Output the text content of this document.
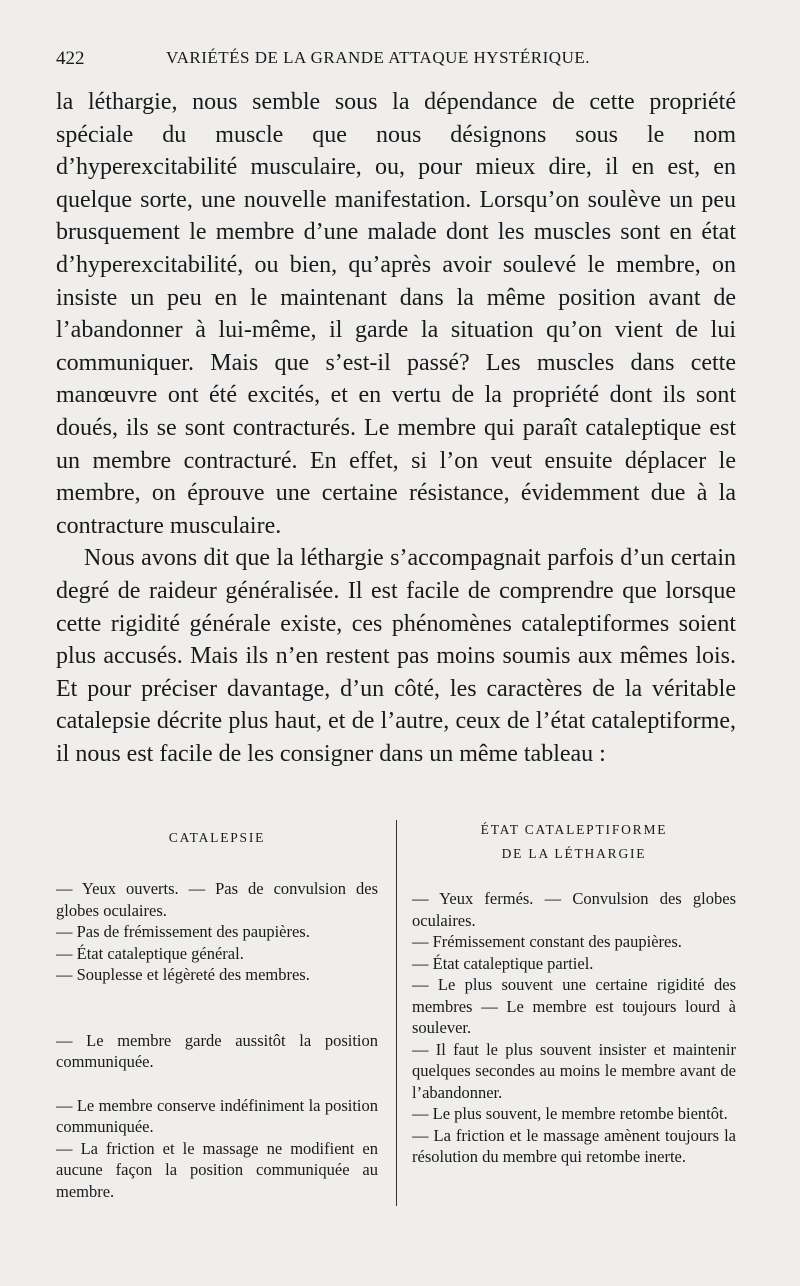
422	VARIÉTÉS DE LA GRANDE ATTAQUE HYSTÉRIQUE.

la léthargie, nous semble sous la dépendance de cette propriété spéciale du muscle que nous désignons sous le nom d’hyperexcitabilité musculaire, ou, pour mieux dire, il en est, en quelque sorte, une nouvelle manifestation. Lorsqu’on soulève un peu brusquement le membre d’une malade dont les muscles sont en état d’hyperexcitabilité, ou bien, qu’après avoir soulevé le membre, on insiste un peu en le maintenant dans la même position avant de l’abandonner à lui-même, il garde la situation qu’on vient de lui communiquer. Mais que s’est-il passé? Les muscles dans cette manœuvre ont été excités, et en vertu de la propriété dont ils sont doués, ils se sont contracturés. Le membre qui paraît cataleptique est un membre contracturé. En effet, si l’on veut ensuite déplacer le membre, on éprouve une certaine résistance, évidemment due à la contracture musculaire.

Nous avons dit que la léthargie s’accompagnait parfois d’un certain degré de raideur généralisée. Il est facile de comprendre que lorsque cette rigidité générale existe, ces phénomènes cataleptiformes soient plus accusés. Mais ils n’en restent pas moins soumis aux mêmes lois. Et pour préciser davantage, d’un côté, les caractères de la véritable catalepsie décrite plus haut, et de l’autre, ceux de l’état cataleptiforme, il nous est facile de les consigner dans un même tableau :

CATALEPSIE

— Yeux ouverts. — Pas de convulsion des globes oculaires.

— Pas de frémissement des paupières.

— État cataleptique général.

— Souplesse et légèreté des membres.

— Le membre garde aussitôt la position communiquée.

— Le membre conserve indéfiniment la position communiquée.

— La friction et le massage ne modifient en aucune façon la position communiquée au membre.

ÉTAT CATALEPTIFORME
DE LA LÉTHARGIE

— Yeux fermés. — Convulsion des globes oculaires.

— Frémissement constant des paupières.

— État cataleptique partiel.

— Le plus souvent une certaine rigidité des membres — Le membre est toujours lourd à soulever.

— Il faut le plus souvent insister et maintenir quelques secondes au moins le membre avant de l’abandonner.

— Le plus souvent, le membre retombe bientôt.

— La friction et le massage amènent toujours la résolution du membre qui retombe inerte.
